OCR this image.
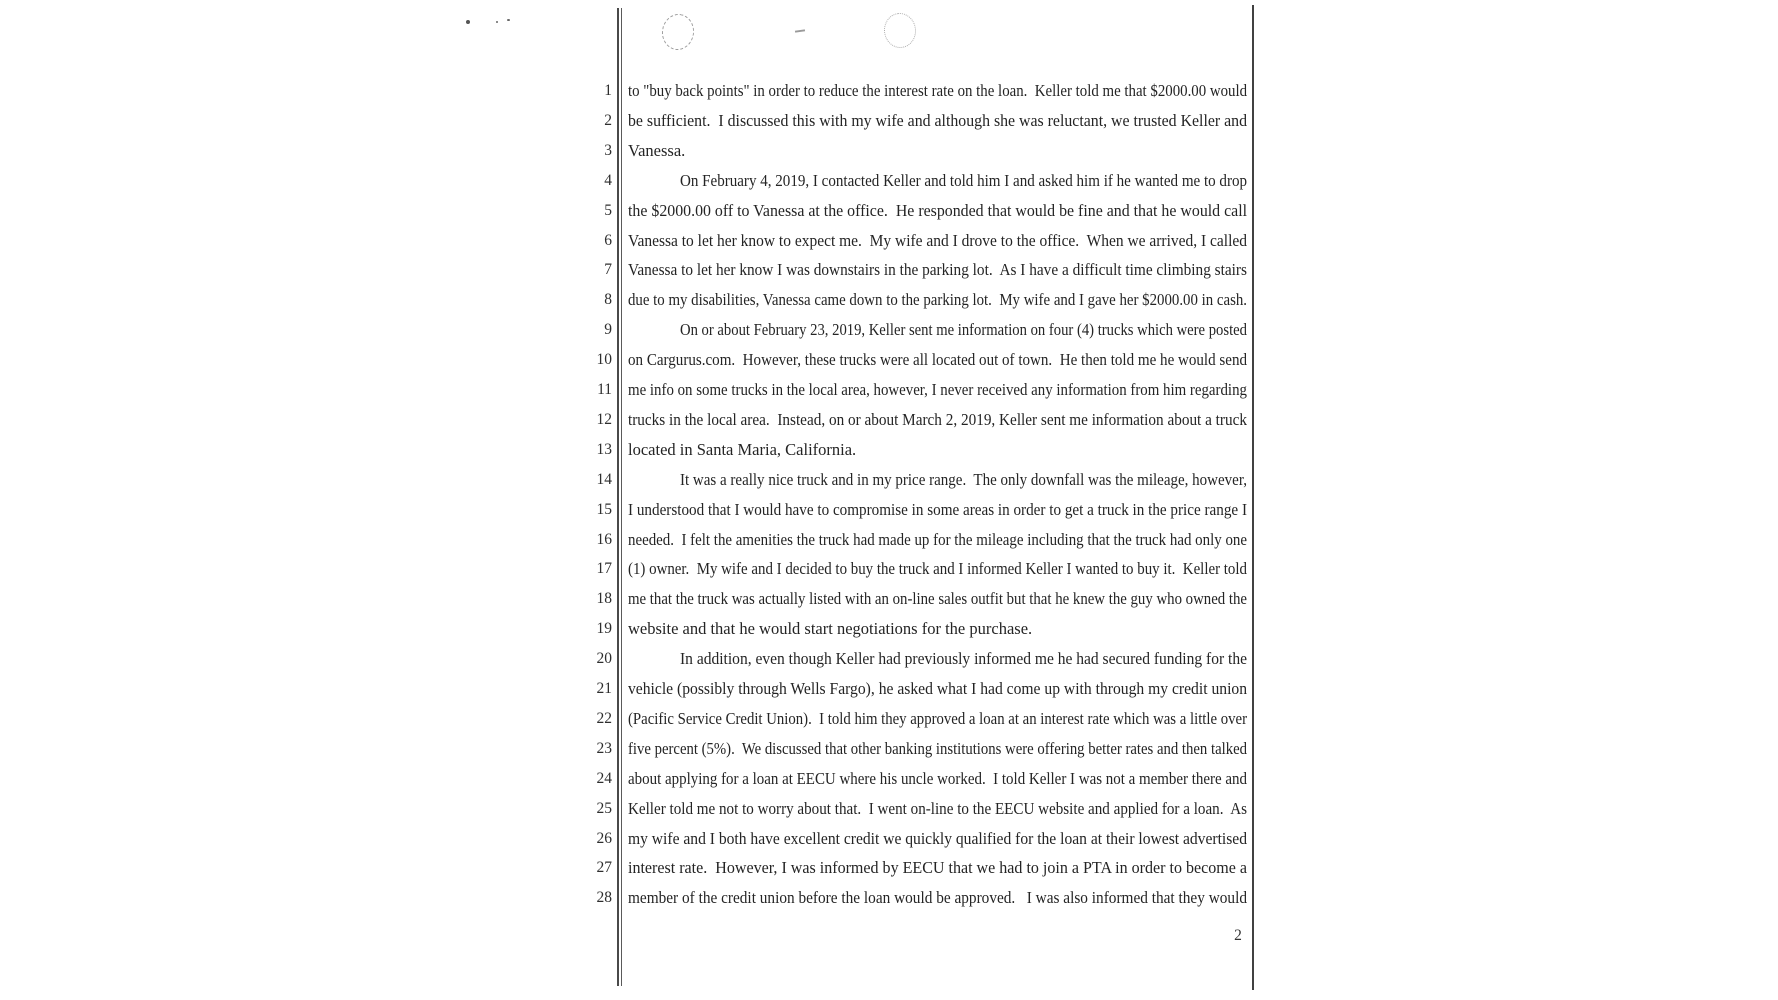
1 to "buy back points" in order to reduce the interest rate on the loan.  Keller told me that $2000.00 would
2 be sufficient.  I discussed this with my wife and although she was reluctant, we trusted Keller and
3 Vanessa.
4	On February 4, 2019, I contacted Keller and told him I and asked him if he wanted me to drop
5 the $2000.00 off to Vanessa at the office.  He responded that would be fine and that he would call
6 Vanessa to let her know to expect me.  My wife and I drove to the office.  When we arrived, I called
7 Vanessa to let her know I was downstairs in the parking lot.  As I have a difficult time climbing stairs
8 due to my disabilities, Vanessa came down to the parking lot.  My wife and I gave her $2000.00 in cash.
9	On or about February 23, 2019, Keller sent me information on four (4) trucks which were posted
10 on Cargurus.com.  However, these trucks were all located out of town.  He then told me he would send
11 me info on some trucks in the local area, however, I never received any information from him regarding
12 trucks in the local area.  Instead, on or about March 2, 2019, Keller sent me information about a truck
13 located in Santa Maria, California.
14	It was a really nice truck and in my price range.  The only downfall was the mileage, however,
15 I understood that I would have to compromise in some areas in order to get a truck in the price range I
16 needed.  I felt the amenities the truck had made up for the mileage including that the truck had only one
17 (1) owner.  My wife and I decided to buy the truck and I informed Keller I wanted to buy it.  Keller told
18 me that the truck was actually listed with an on-line sales outfit but that he knew the guy who owned the
19 website and that he would start negotiations for the purchase.
20	In addition, even though Keller had previously informed me he had secured funding for the
21 vehicle (possibly through Wells Fargo), he asked what I had come up with through my credit union
22 (Pacific Service Credit Union).  I told him they approved a loan at an interest rate which was a little over
23 five percent (5%).  We discussed that other banking institutions were offering better rates and then talked
24 about applying for a loan at EECU where his uncle worked.  I told Keller I was not a member there and
25 Keller told me not to worry about that.  I went on-line to the EECU website and applied for a loan.  As
26 my wife and I both have excellent credit we quickly qualified for the loan at their lowest advertised
27 interest rate.  However, I was informed by EECU that we had to join a PTA in order to become a
28 member of the credit union before the loan would be approved.   I was also informed that they would
2
